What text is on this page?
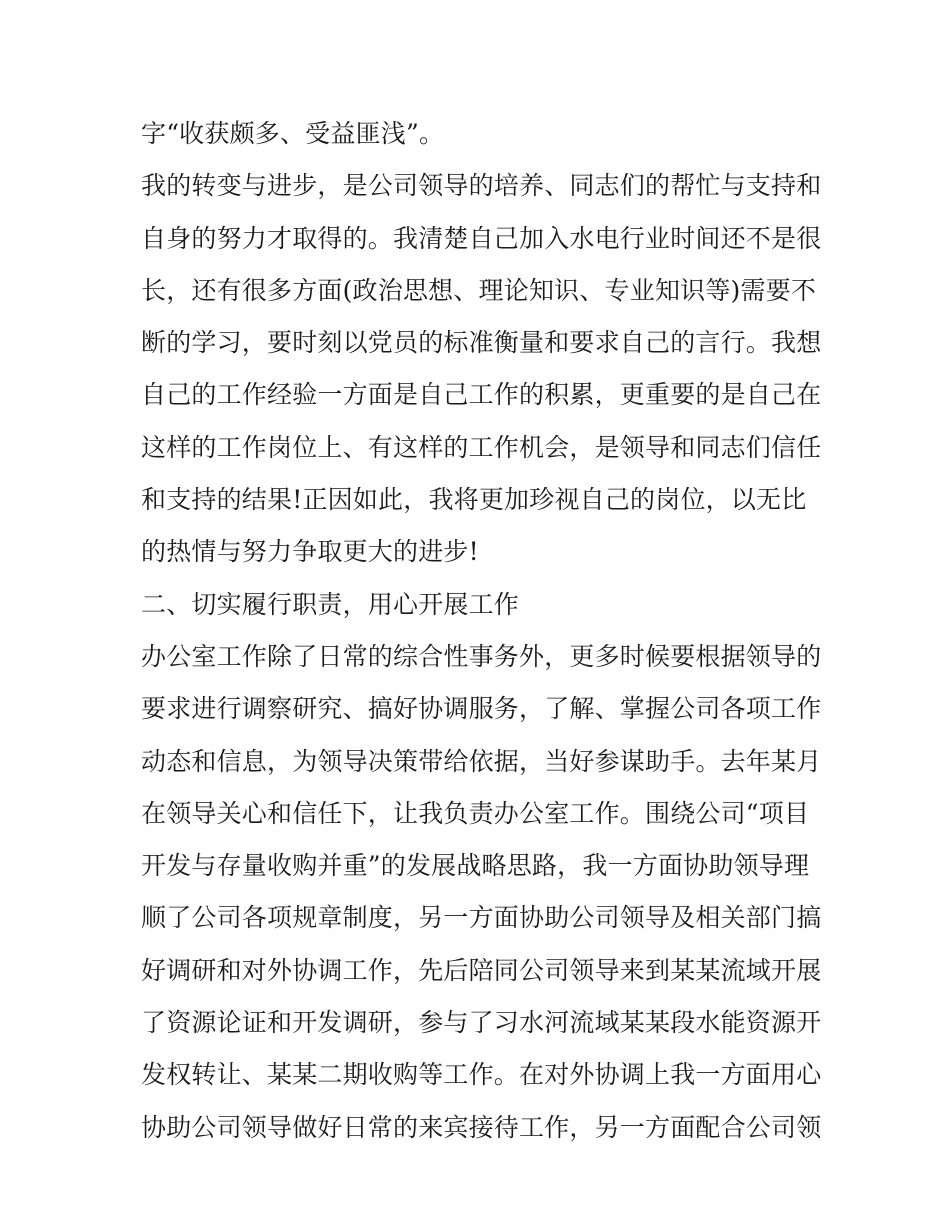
字“收获颇多、受益匪浅”。
我的转变与进步，是公司领导的培养、同志们的帮忙与支持和
自身的努力才取得的。我清楚自己加入水电行业时间还不是很
长，还有很多方面(政治思想、理论知识、专业知识等)需要不
断的学习，要时刻以党员的标准衡量和要求自己的言行。我想
自己的工作经验一方面是自己工作的积累，更重要的是自己在
这样的工作岗位上、有这样的工作机会，是领导和同志们信任
和支持的结果!正因如此，我将更加珍视自己的岗位，以无比
的热情与努力争取更大的进步!
二、切实履行职责，用心开展工作
办公室工作除了日常的综合性事务外，更多时候要根据领导的
要求进行调察研究、搞好协调服务，了解、掌握公司各项工作
动态和信息，为领导决策带给依据，当好参谋助手。去年某月
在领导关心和信任下，让我负责办公室工作。围绕公司“项目
开发与存量收购并重”的发展战略思路，我一方面协助领导理
顺了公司各项规章制度，另一方面协助公司领导及相关部门搞
好调研和对外协调工作，先后陪同公司领导来到某某流域开展
了资源论证和开发调研，参与了习水河流域某某段水能资源开
发权转让、某某二期收购等工作。在对外协调上我一方面用心
协助公司领导做好日常的来宾接待工作，另一方面配合公司领
